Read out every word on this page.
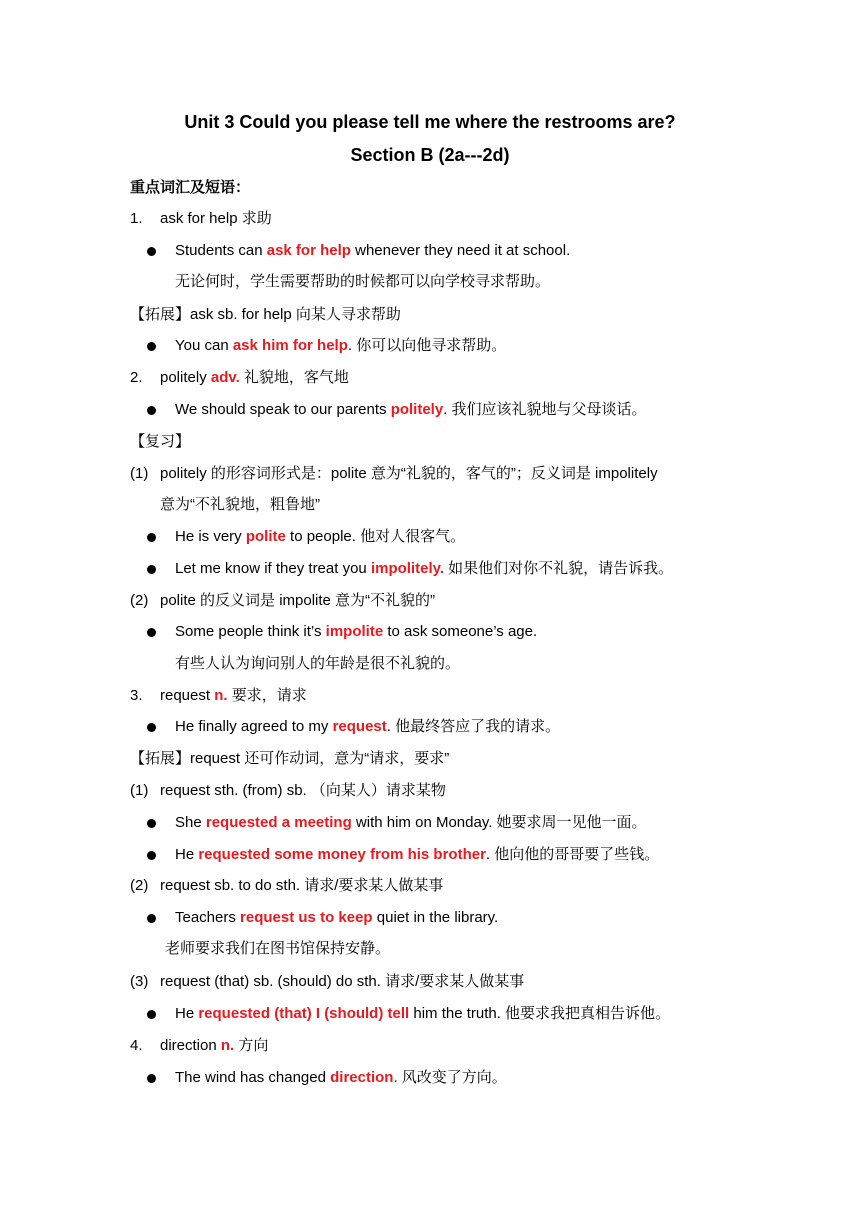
Unit 3 Could you please tell me where the restrooms are?
Section B (2a---2d)
重点词汇及短语：
1. ask for help 求助
Students can ask for help whenever they need it at school.
无论何时，学生需要帮助的时候都可以向学校寻求帮助。
【拓展】ask sb. for help 向某人寻求帮助
You can ask him for help. 你可以向他寻求帮助。
2. politely adv. 礼貌地，客气地
We should speak to our parents politely. 我们应该礼貌地与父母谈话。
【复习】
(1) politely 的形容词形式是：polite 意为“礼貌的，客气的”；反义词是 impolitely
意为“不礼貌地，粗鲁地”
He is very polite to people. 他对人很客气。
Let me know if they treat you impolitely. 如果他们对你不礼貌，请告诉我。
(2) polite 的反义词是 impolite 意为“不礼貌的”
Some people think it’s impolite to ask someone’s age.
有些人认为询问别人的年龄是很不礼貌的。
3. request n. 要求，请求
He finally agreed to my request. 他最终答应了我的请求。
【拓展】request 还可作动词，意为“请求，要求”
(1) request sth. (from) sb. （向某人）请求某物
She requested a meeting with him on Monday. 她要求周一见他一面。
He requested some money from his brother. 他向他的哥哥要了些钱。
(2) request sb. to do sth. 请求/要求某人做某事
Teachers request us to keep quiet in the library.
老师要求我们在图书馆保持安静。
(3) request (that) sb. (should) do sth. 请求/要求某人做某事
He requested (that) I (should) tell him the truth. 他要求我把真相告诉他。
4. direction n. 方向
The wind has changed direction. 风改变了方向。
